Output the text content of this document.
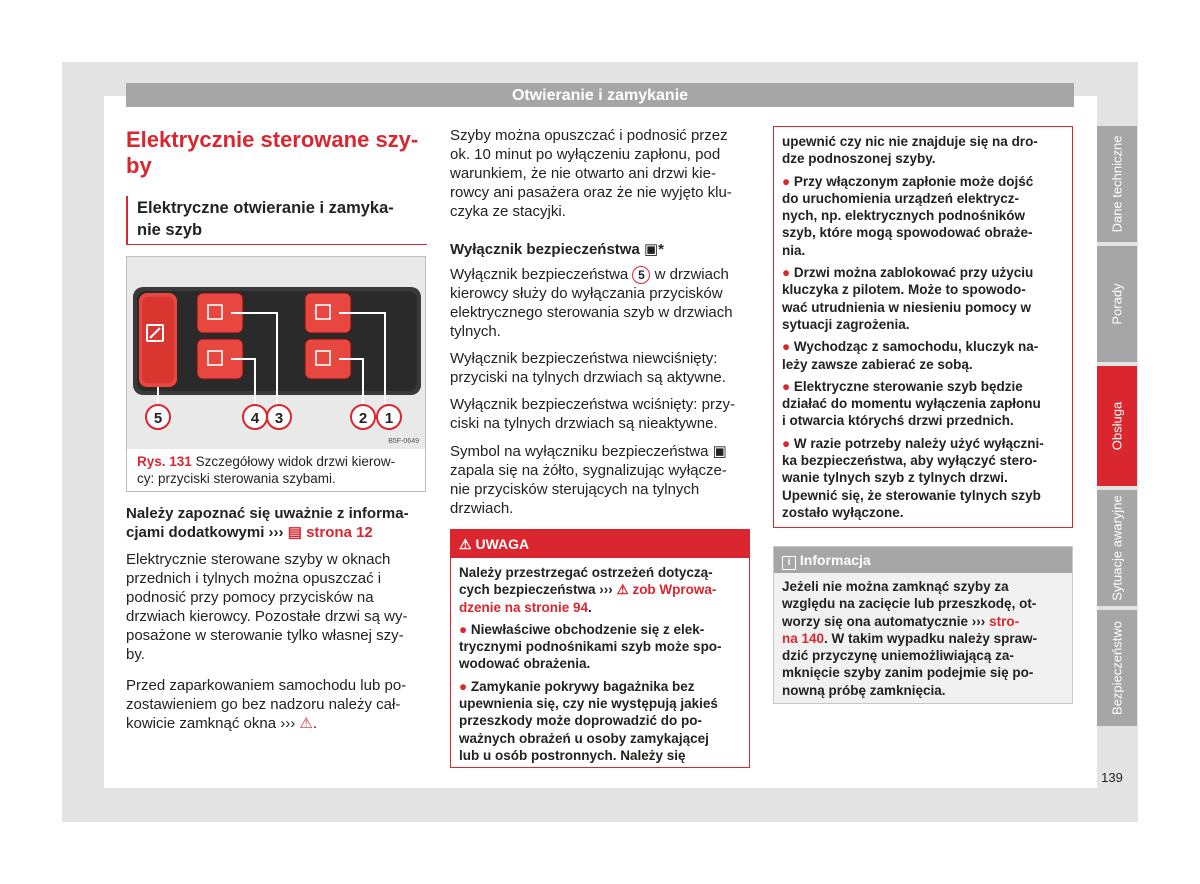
Otwieranie i zamykanie
Elektrycznie sterowane szy-
by
Elektryczne otwieranie i zamyka-
nie szyb
5	4 3	2 1
B5F-0649
Rys. 131 Szczegółowy widok drzwi kierow-
cy: przyciski sterowania szybami.

Należy zapoznać się uważnie z informa-
cjami dodatkowymi ››› ▤ strona 12

Elektrycznie sterowane szyby w oknach
przednich i tylnych można opuszczać i
podnosić przy pomocy przycisków na
drzwiach kierowcy. Pozostałe drzwi są wy-
posażone w sterowanie tylko własnej szy-
by.

Przed zaparkowaniem samochodu lub po-
zostawieniem go bez nadzoru należy cał-
kowicie zamknąć okna ››› ⚠.

Szyby można opuszczać i podnosić przez
ok. 10 minut po wyłączeniu zapłonu, pod
warunkiem, że nie otwarto ani drzwi kie-
rowcy ani pasażera oraz że nie wyjęto klu-
czyka ze stacyjki.

Wyłącznik bezpieczeństwa ▣*

Wyłącznik bezpieczeństwa 5 w drzwiach
kierowcy służy do wyłączania przycisków
elektrycznego sterowania szyb w drzwiach
tylnych.

Wyłącznik bezpieczeństwa niewciśnięty:
przyciski na tylnych drzwiach są aktywne.

Wyłącznik bezpieczeństwa wciśnięty: przy-
ciski na tylnych drzwiach są nieaktywne.

Symbol na wyłączniku bezpieczeństwa ▣
zapala się na żółto, sygnalizując wyłącze-
nie przycisków sterujących na tylnych
drzwiach.

⚠ UWAGA

Należy przestrzegać ostrzeżeń dotyczą-
cych bezpieczeństwa ››› ⚠ zob Wprowa-
dzenie na stronie 94.

● Niewłaściwe obchodzenie się z elek-
trycznymi podnośnikami szyb może spo-
wodować obrażenia.

● Zamykanie pokrywy bagażnika bez
upewnienia się, czy nie występują jakieś
przeszkody może doprowadzić do po-
ważnych obrażeń u osoby zamykającej
lub u osób postronnych. Należy się

upewnić czy nic nie znajduje się na dro-
dze podnoszonej szyby.

● Przy włączonym zapłonie może dojść
do uruchomienia urządzeń elektrycz-
nych, np. elektrycznych podnośników
szyb, które mogą spowodować obraże-
nia.

● Drzwi można zablokować przy użyciu
kluczyka z pilotem. Może to spowodo-
wać utrudnienia w niesieniu pomocy w
sytuacji zagrożenia.

● Wychodząc z samochodu, kluczyk na-
leży zawsze zabierać ze sobą.

● Elektryczne sterowanie szyb będzie
działać do momentu wyłączenia zapłonu
i otwarcia którychś drzwi przednich.

● W razie potrzeby należy użyć wyłączni-
ka bezpieczeństwa, aby wyłączyć stero-
wanie tylnych szyb z tylnych drzwi.
Upewnić się, że sterowanie tylnych szyb
zostało wyłączone.

i Informacja
Jeżeli nie można zamknąć szyby za
względu na zacięcie lub przeszkodę, ot-
worzy się ona automatycznie ››› stro-
na 140. W takim wypadku należy spraw-
dzić przyczynę uniemożliwiającą za-
mknięcie szyby zanim podejmie się po-
nowną próbę zamknięcia.
Dane techniczne
Porady
Obsługa
Sytuacje awaryjne
Bezpieczeństwo
139
